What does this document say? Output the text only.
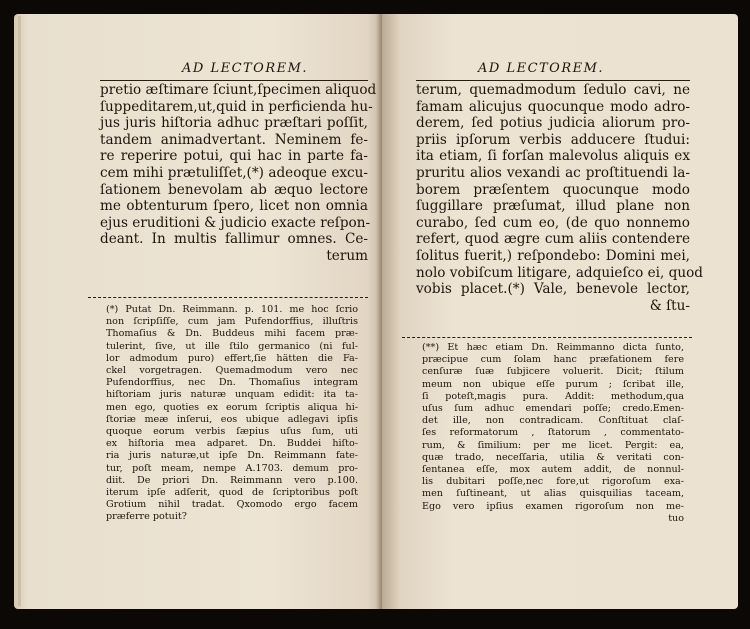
AD LECTOREM.
pretio æſtimare ſciunt,ſpecimen aliquod
ſuppeditarem,ut,quid in perficienda hu-
jus juris hiſtoria adhuc præſtari poſſit,
tandem animadvertant. Neminem fe-
re reperire potui, qui hac in parte fa-
cem mihi prætuliſſet,(*) adeoque excu-
ſationem benevolam ab æquo lectore
me obtenturum ſpero, licet non omnia
ejus eruditioni & judicio exacte reſpon-
deant. In multis fallimur omnes. Ce-
terum
(*) Putat Dn. Reimmann. p. 101. me hoc ſcrio
non ſcripſiſſe, cum jam Pufendorffius, illuſtris
Thomaſius & Dn. Buddeus mihi facem præ-
tulerint, ſive, ut ille ſtilo germanico (ni ful-
lor admodum puro) effert,ſie hätten die Fa-
ckel vorgetragen. Quemadmodum vero nec
Pufendorffius, nec Dn. Thomaſius integram
hiſtoriam juris naturæ unquam edidit: ita ta-
men ego, quoties ex eorum ſcriptis aliqua hi-
ſtoriæ meæ inſerui, eos ubique adlegavi ipſis
quoque eorum verbis ſæpius uſus ſum, uti
ex hiſtoria mea adparet. Dn. Buddei hiſto-
ria juris naturæ,ut ipſe Dn. Reimmann fate-
tur, poſt meam, nempe A.1703. demum pro-
diit. De priori Dn. Reimmann vero p.100.
iterum ipſe adſerit, quod de ſcriptoribus poſt
Grotium nihil tradat. Qxomodo ergo facem
præferre potuit?
AD LECTOREM.
terum, quemadmodum ſedulo cavi, ne
famam alicujus quocunque modo adro-
derem, ſed potius judicia aliorum pro-
priis ipſorum verbis adducere ſtudui:
ita etiam, ſi forſan malevolus aliquis ex
pruritu alios vexandi ac proſtituendi la-
borem præſentem quocunque modo
ſuggillare præſumat, illud plane non
curabo, ſed cum eo, (de quo nonnemo
refert, quod ægre cum aliis contendere
ſolitus fuerit,) reſpondebo: Domini mei,
nolo vobiſcum litigare, adquieſco ei, quod
vobis placet.(*) Vale, benevole lector,
& ſtu-
(**) Et hæc etiam Dn. Reimmanno dicta ſunto,
præcipue cum ſolam hanc præfationem fere
cenſuræ ſuæ ſubjicere voluerit. Dicit; ſtilum
meum non ubique eſſe purum ; ſcribat ille,
ſi poteſt,magis pura. Addit: methodum,qua
uſus ſum adhuc emendari poſſe; credo.Emen-
det ille, non contradicam. Conſtituat claſ-
ſes reformatorum , ſtatorum , commentato-
rum, & ſimilium: per me licet. Pergit: ea,
quæ trado, neceſſaria, utilia & veritati con-
ſentanea eſſe, mox autem addit, de nonnul-
lis dubitari poſſe,nec fore,ut rigoroſum exa-
men ſuſtineant, ut alias quisquilias taceam,
Ego vero ipſius examen rigoroſum non me-
tuo
